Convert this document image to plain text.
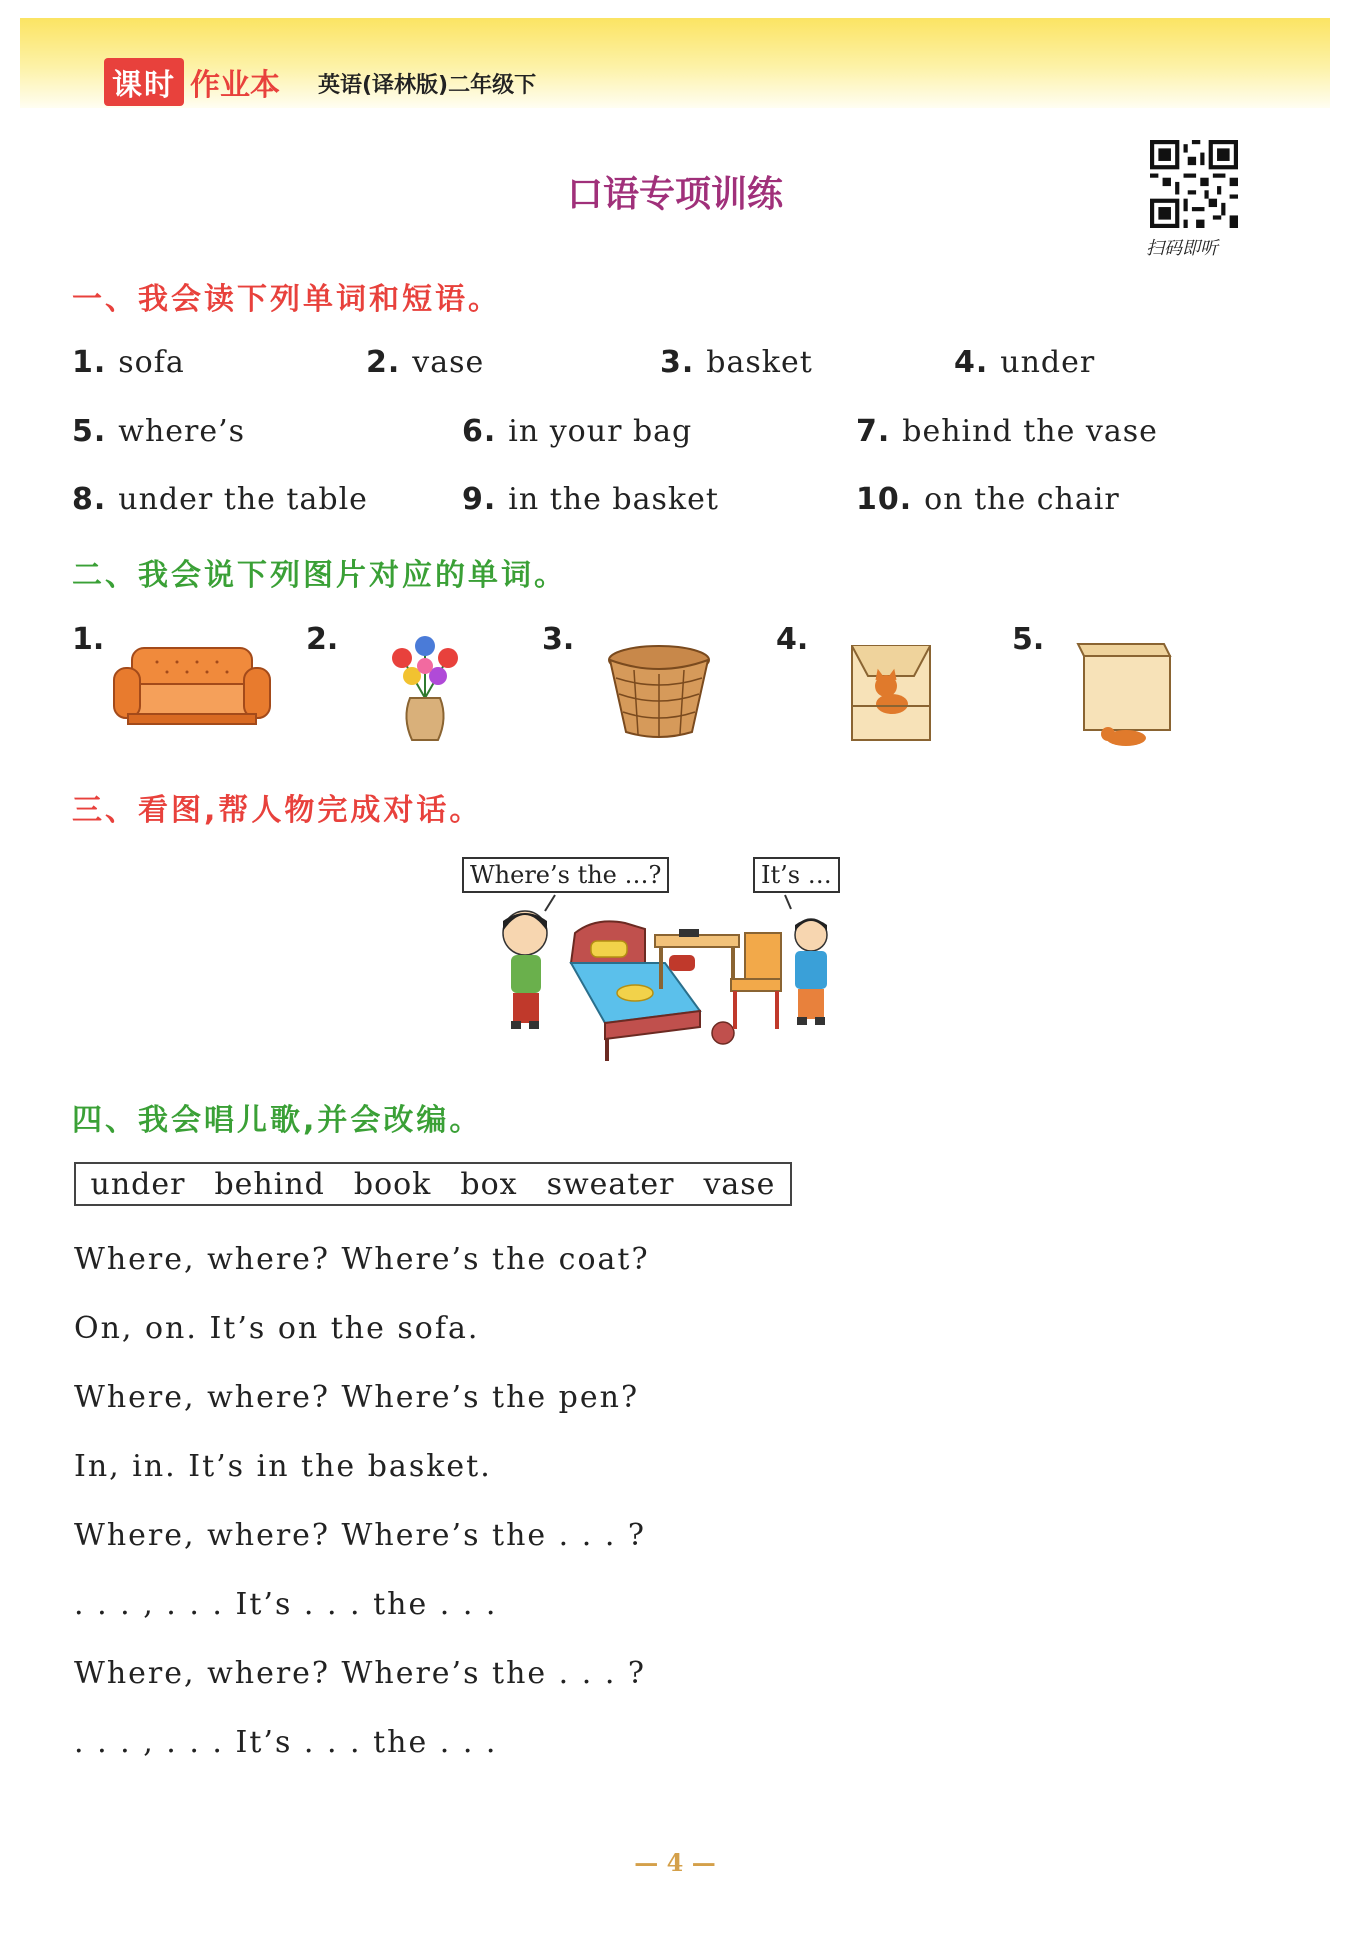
课时 作业本 英语(译林版)二年级下
口语专项训练
扫码即听
一、我会读下列单词和短语。
1. sofa	2. vase	3. basket	4. under
5. where’s	6. in your bag	7. behind the vase
8. under the table	9. in the basket	10. on the chair
二、我会说下列图片对应的单词。
1.	2.	3.	4.	5.
三、看图,帮人物完成对话。
Where’s the …?	It’s …
四、我会唱儿歌,并会改编。
under behind book box sweater vase
Where, where? Where’s the coat?
On, on. It’s on the sofa.
Where, where? Where’s the pen?
In, in. It’s in the basket.
Where, where? Where’s the . . . ?
. . . , . . . It’s . . . the . . .
Where, where? Where’s the . . . ?
. . . , . . . It’s . . . the . . .
— 4 —
